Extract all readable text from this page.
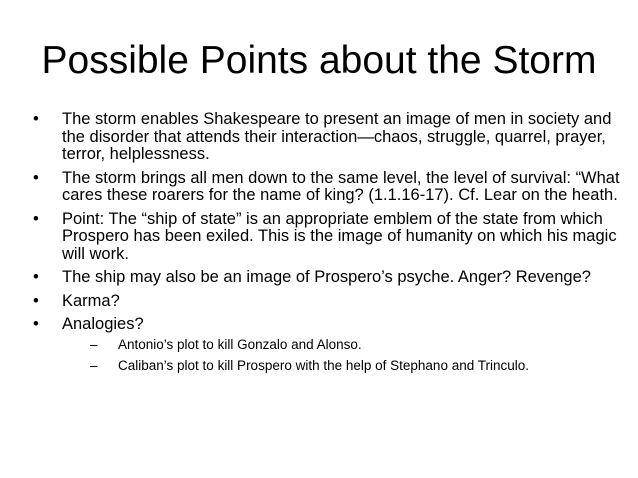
Possible Points about the Storm
•	The storm enables Shakespeare to present an image of men in society and the disorder that attends their interaction—chaos, struggle, quarrel, prayer, terror, helplessness.
•	The storm brings all men down to the same level, the level of survival: “What cares these roarers for the name of king? (1.1.16-17). Cf. Lear on the heath.
•	Point: The “ship of state” is an appropriate emblem of the state from which Prospero has been exiled. This is the image of humanity on which his magic will work.
•	The ship may also be an image of Prospero’s psyche. Anger? Revenge?
•	Karma?
•	Analogies?
–	Antonio’s plot to kill Gonzalo and Alonso.
–	Caliban’s plot to kill Prospero with the help of Stephano and Trinculo.
